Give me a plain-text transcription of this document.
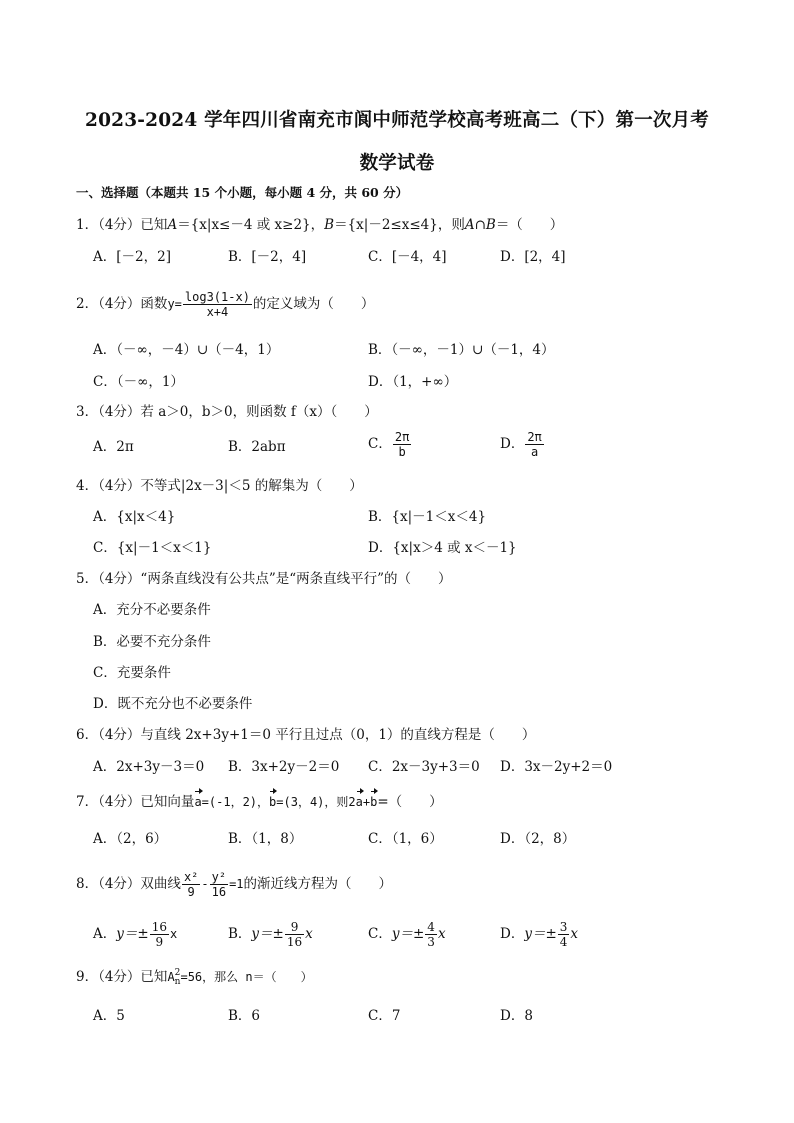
2023-2024 学年四川省南充市阆中师范学校高考班高二（下）第一次月考
数学试卷
一、选择题（本题共 15 个小题，每小题 4 分，共 60 分）
1．（4分）已知A＝{x|x≤－4 或 x≥2}，B＝{x|－2≤x≤4}，则A∩B＝（　　）
A．[－2，2]	B．[－2，4]	C．[－4，4]	D．[2，4]
2．（4分）函数$y= \frac{\log 3(1-x)}{x+4}$ 的定义域为（　　）
A．（－∞，－4）∪（－4，1）	B．（－∞，－1）∪（－1，4）
C．（－∞，1）	D．（1，+∞）
3．（4分）若 a＞0，b＞0，则函数 f（x）（　　）
A．2π	B．2abπ	C． $\frac{2\pi}{b}$	D． $\frac{2\pi}{a}$
4．（4分）不等式|2x－3|＜5 的解集为（　　）
A．{x|x＜4}	B．{x|－1＜x＜4}
C．{x|－1＜x＜1}	D．{x|x＞4 或 x＜－1}
5．（4分）“两条直线没有公共点”是“两条直线平行”的（　　）
A．充分不必要条件
B．必要不充分条件
C．充要条件
D．既不充分也不必要条件
6．（4分）与直线 2x+3y+1＝0 平行且过点（0，1）的直线方程是（　　）
A．2x+3y－3＝0 B．3x+2y－2＝0 C．2x－3y+3＝0 D．3x－2y+2＝0
7．（4分）已知向量a=(-1，2)，b=(3，4)，则2a+b=（　　）
A．（2，6）	B．（1，8）	C．（1，6）	D．（2，8）
8．（4分）双曲线 $\frac{\text{x²}}{9} - \frac{\text{y²}}{16} =1$的渐近线方程为（　　）
A．$y=\pm \frac{16}{9}$ x	B．$y=\pm \frac{9}{16}$ x	C．$y=\pm \frac{4}{3}$ x	D．$y=\pm \frac{3}{4}$ x
9．（4分）已知A 2
n =56，那么 n＝（　　）
A．5	B．6	C．7	D．8
